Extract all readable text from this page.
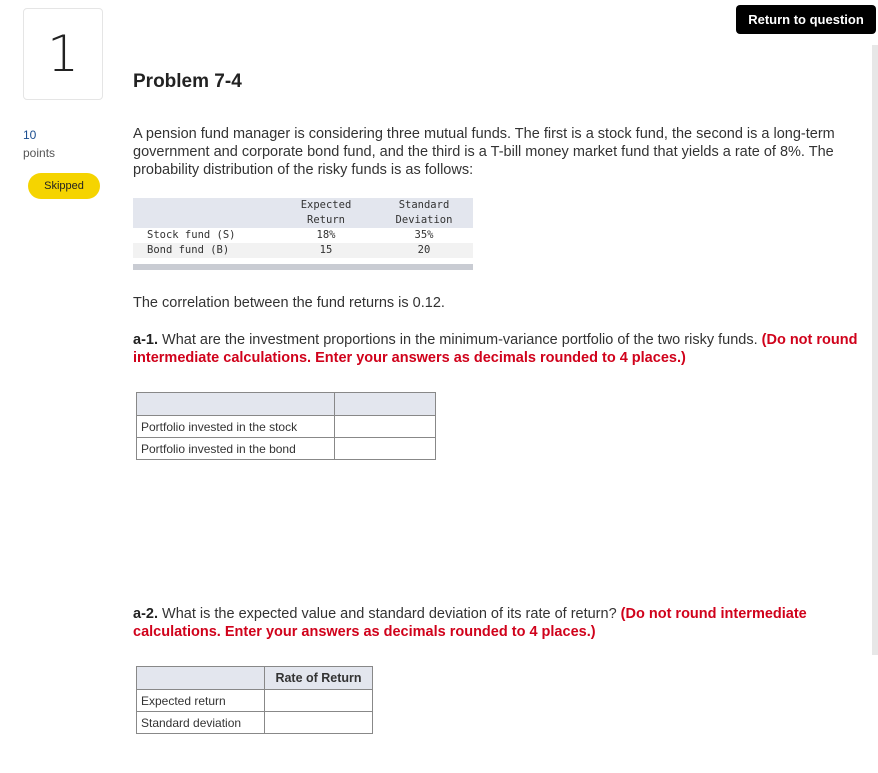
1
10
points
Skipped
Return to question
Problem 7-4
A pension fund manager is considering three mutual funds. The first is a stock fund, the second is a long-term government and corporate bond fund, and the third is a T-bill money market fund that yields a rate of 8%. The probability distribution of the risky funds is as follows:
Expected
Return
Standard
Deviation
Stock fund (S)	18%	35%
Bond fund (B)	15	20
The correlation between the fund returns is 0.12.
a-1. What are the investment proportions in the minimum-variance portfolio of the two risky funds. (Do not round intermediate calculations. Enter your answers as decimals rounded to 4 places.)

Portfolio invested in the stock	
Portfolio invested in the bond	
a-2. What is the expected value and standard deviation of its rate of return? (Do not round intermediate calculations. Enter your answers as decimals rounded to 4 places.)
	Rate of Return
Expected return	
Standard deviation	
